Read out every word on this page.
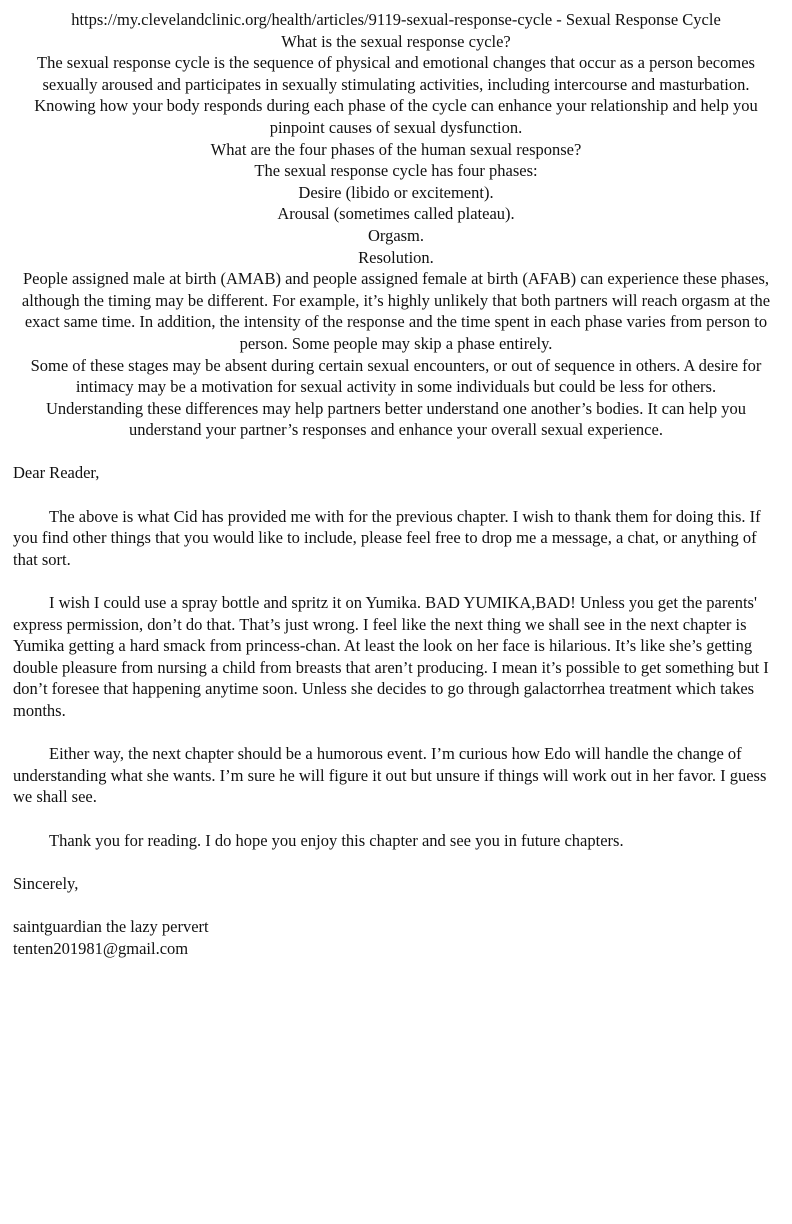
https://my.clevelandclinic.org/health/articles/9119-sexual-response-cycle - Sexual Response Cycle

What is the sexual response cycle?

The sexual response cycle is the sequence of physical and emotional changes that occur as a person becomes sexually aroused and participates in sexually stimulating activities, including intercourse and masturbation. Knowing how your body responds during each phase of the cycle can enhance your relationship and help you pinpoint causes of sexual dysfunction.

What are the four phases of the human sexual response?

The sexual response cycle has four phases:

Desire (libido or excitement).

Arousal (sometimes called plateau).

Orgasm.

Resolution.

People assigned male at birth (AMAB) and people assigned female at birth (AFAB) can experience these phases, although the timing may be different. For example, it’s highly unlikely that both partners will reach orgasm at the exact same time. In addition, the intensity of the response and the time spent in each phase varies from person to person. Some people may skip a phase entirely.

Some of these stages may be absent during certain sexual encounters, or out of sequence in others. A desire for intimacy may be a motivation for sexual activity in some individuals but could be less for others.

Understanding these differences may help partners better understand one another’s bodies. It can help you understand your partner’s responses and enhance your overall sexual experience.

Dear Reader,

The above is what Cid has provided me with for the previous chapter. I wish to thank them for doing this. If you find other things that you would like to include, please feel free to drop me a message, a chat, or anything of that sort.

I wish I could use a spray bottle and spritz it on Yumika. BAD YUMIKA,BAD! Unless you get the parents' express permission, don’t do that. That’s just wrong. I feel like the next thing we shall see in the next chapter is Yumika getting a hard smack from princess-chan. At least the look on her face is hilarious. It’s like she’s getting double pleasure from nursing a child from breasts that aren’t producing. I mean it’s possible to get something but I don’t foresee that happening anytime soon. Unless she decides to go through galactorrhea treatment which takes months.

Either way, the next chapter should be a humorous event. I’m curious how Edo will handle the change of understanding what she wants. I’m sure he will figure it out but unsure if things will work out in her favor. I guess we shall see.

Thank you for reading. I do hope you enjoy this chapter and see you in future chapters.

Sincerely,

saintguardian the lazy pervert

tenten201981@gmail.com
